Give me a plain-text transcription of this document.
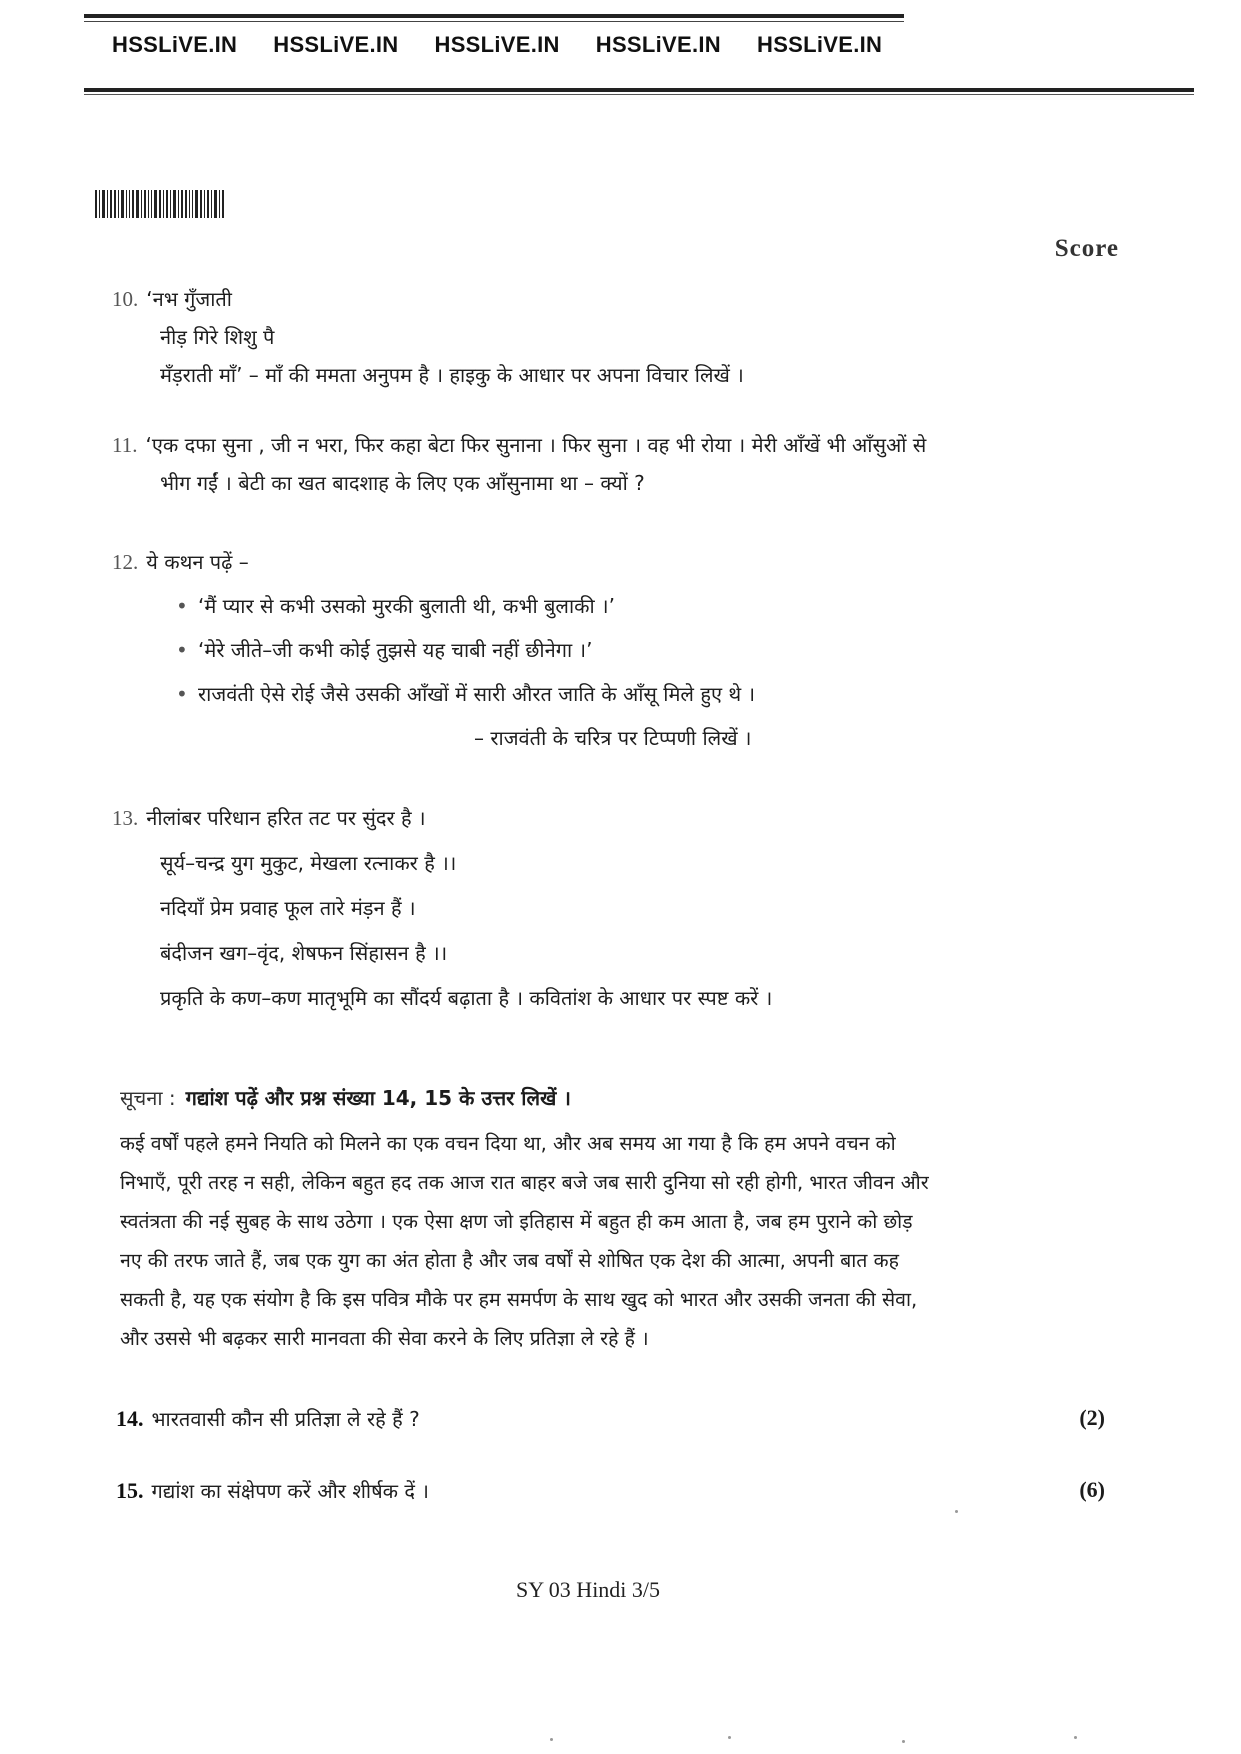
HSSLiVE.IN HSSLiVE.IN HSSLiVE.IN HSSLiVE.IN HSSLiVE.IN
Score
10. ‘नभ गुँजाती
नीड़ गिरे शिशु पै
मँड़राती माँ’ – माँ की ममता अनुपम है । हाइकु के आधार पर अपना विचार लिखें ।
11. ‘एक दफा सुना , जी न भरा, फिर कहा बेटा फिर सुनाना । फिर सुना । वह भी रोया । मेरी आँखें भी आँसुओं से
भीग गईं । बेटी का खत बादशाह के लिए एक आँसुनामा था – क्यों ?
12. ये कथन पढ़ें –
• ‘मैं प्यार से कभी उसको मुरकी बुलाती थी, कभी बुलाकी ।’
• ‘मेरे जीते–जी कभी कोई तुझसे यह चाबी नहीं छीनेगा ।’
• राजवंती ऐसे रोई जैसे उसकी आँखों में सारी औरत जाति के आँसू मिले हुए थे ।
– राजवंती के चरित्र पर टिप्पणी लिखें ।
13. नीलांबर परिधान हरित तट पर सुंदर है ।
सूर्य–चन्द्र युग मुकुट, मेखला रत्नाकर है ।।
नदियाँ प्रेम प्रवाह फूल तारे मंड़न हैं ।
बंदीजन खग–वृंद, शेषफन सिंहासन है ।।
प्रकृति के कण–कण मातृभूमि का सौंदर्य बढ़ाता है । कवितांश के आधार पर स्पष्ट करें ।
सूचना : गद्यांश पढ़ें और प्रश्न संख्या 14, 15 के उत्तर लिखें ।
कई वर्षों पहले हमने नियति को मिलने का एक वचन दिया था, और अब समय आ गया है कि हम अपने वचन को
निभाएँ, पूरी तरह न सही, लेकिन बहुत हद तक आज रात बाहर बजे जब सारी दुनिया सो रही होगी, भारत जीवन और
स्वतंत्रता की नई सुबह के साथ उठेगा । एक ऐसा क्षण जो इतिहास में बहुत ही कम आता है, जब हम पुराने को छोड़
नए की तरफ जाते हैं, जब एक युग का अंत होता है और जब वर्षों से शोषित एक देश की आत्मा, अपनी बात कह
सकती है, यह एक संयोग है कि इस पवित्र मौके पर हम समर्पण के साथ खुद को भारत और उसकी जनता की सेवा,
और उससे भी बढ़कर सारी मानवता की सेवा करने के लिए प्रतिज्ञा ले रहे हैं ।
14. भारतवासी कौन सी प्रतिज्ञा ले रहे हैं ?	(2)
15. गद्यांश का संक्षेपण करें और शीर्षक दें ।	(6)
SY 03 Hindi 3/5
